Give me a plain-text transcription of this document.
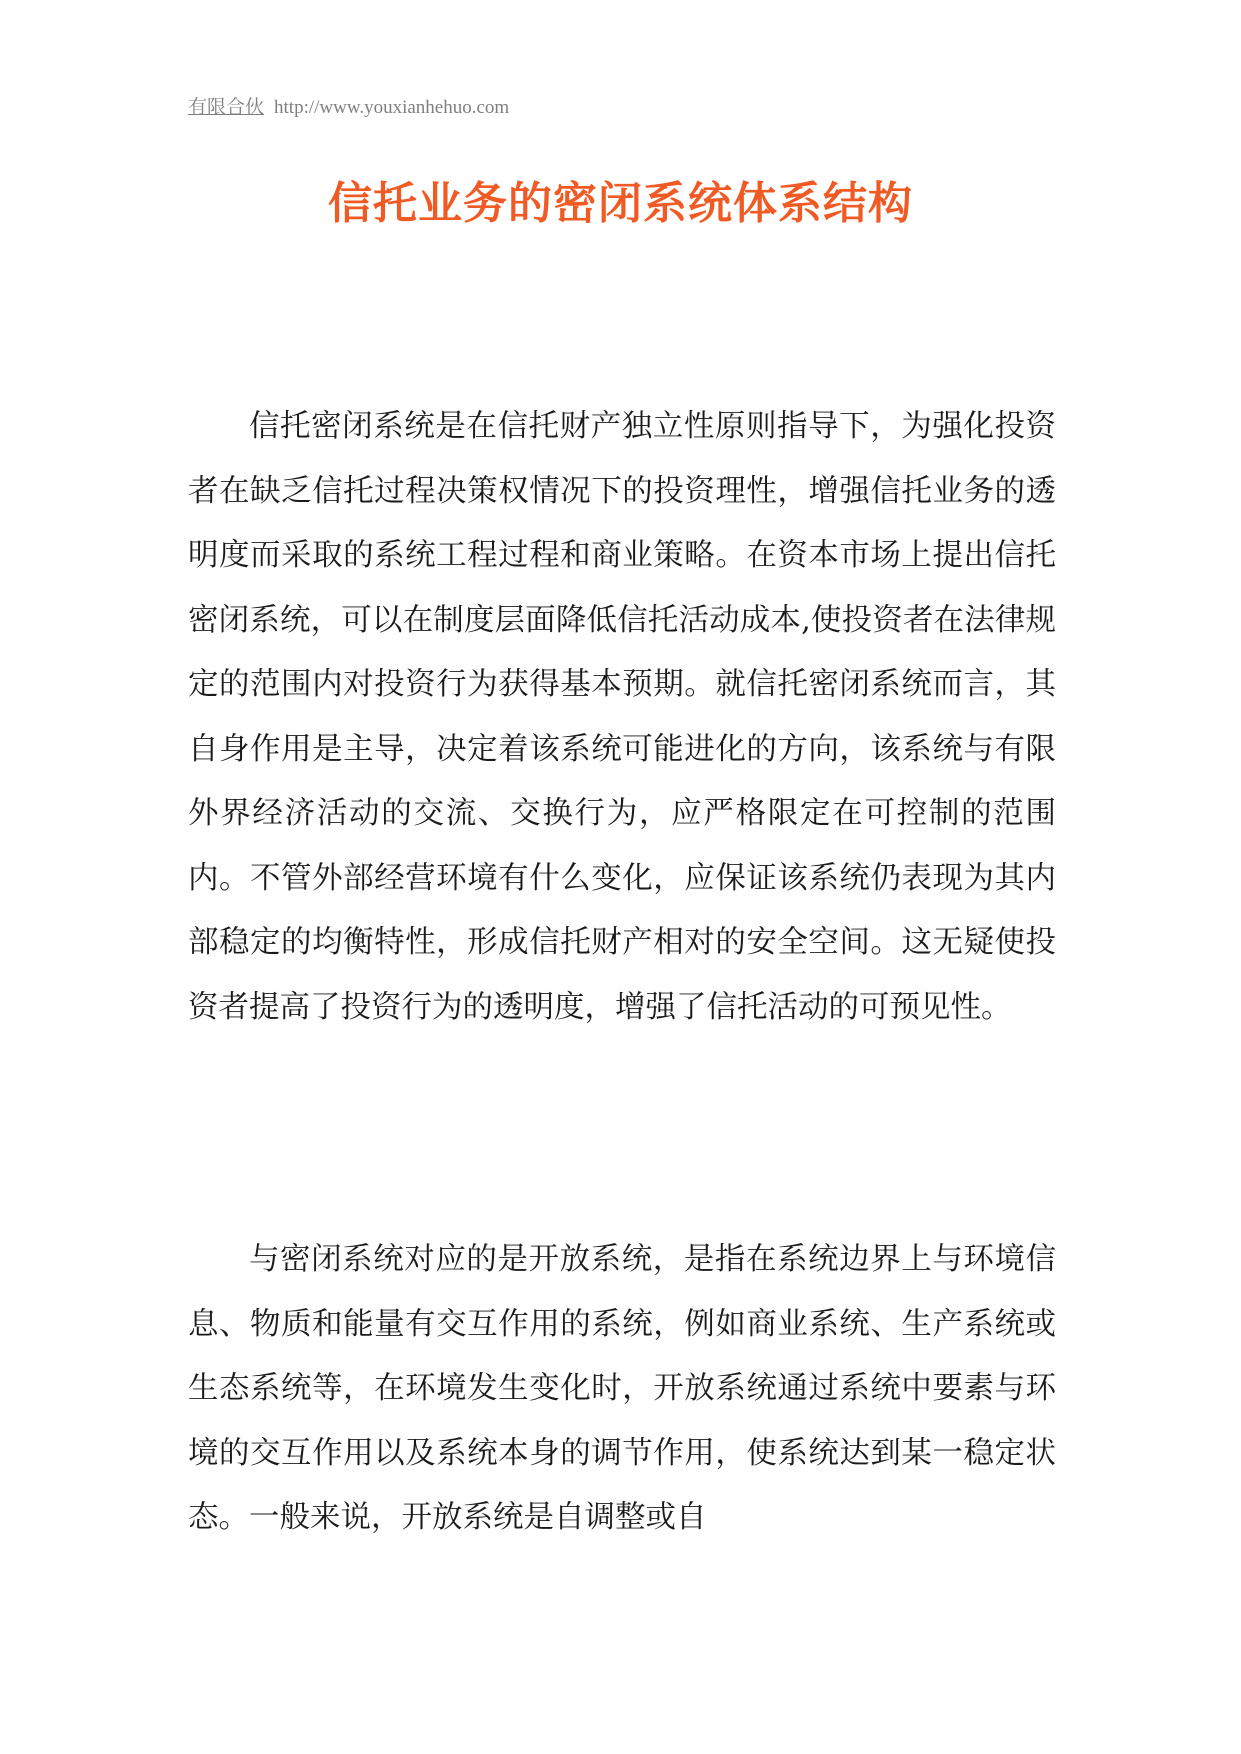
有限合伙 http://www.youxianhehuo.com
信托业务的密闭系统体系结构

信托密闭系统是在信托财产独立性原则指导下，为强化投资者在缺乏信托过程决策权情况下的投资理性，增强信托业务的透明度而采取的系统工程过程和商业策略。在资本市场上提出信托密闭系统，可以在制度层面降低信托活动成本,使投资者在法律规定的范围内对投资行为获得基本预期。就信托密闭系统而言，其自身作用是主导，决定着该系统可能进化的方向，该系统与有限外界经济活动的交流、交换行为，应严格限定在可控制的范围内。不管外部经营环境有什么变化，应保证该系统仍表现为其内部稳定的均衡特性，形成信托财产相对的安全空间。这无疑使投资者提高了投资行为的透明度，增强了信托活动的可预见性。

与密闭系统对应的是开放系统，是指在系统边界上与环境信息、物质和能量有交互作用的系统，例如商业系统、生产系统或生态系统等，在环境发生变化时，开放系统通过系统中要素与环境的交互作用以及系统本身的调节作用，使系统达到某一稳定状态。一般来说，开放系统是自调整或自
